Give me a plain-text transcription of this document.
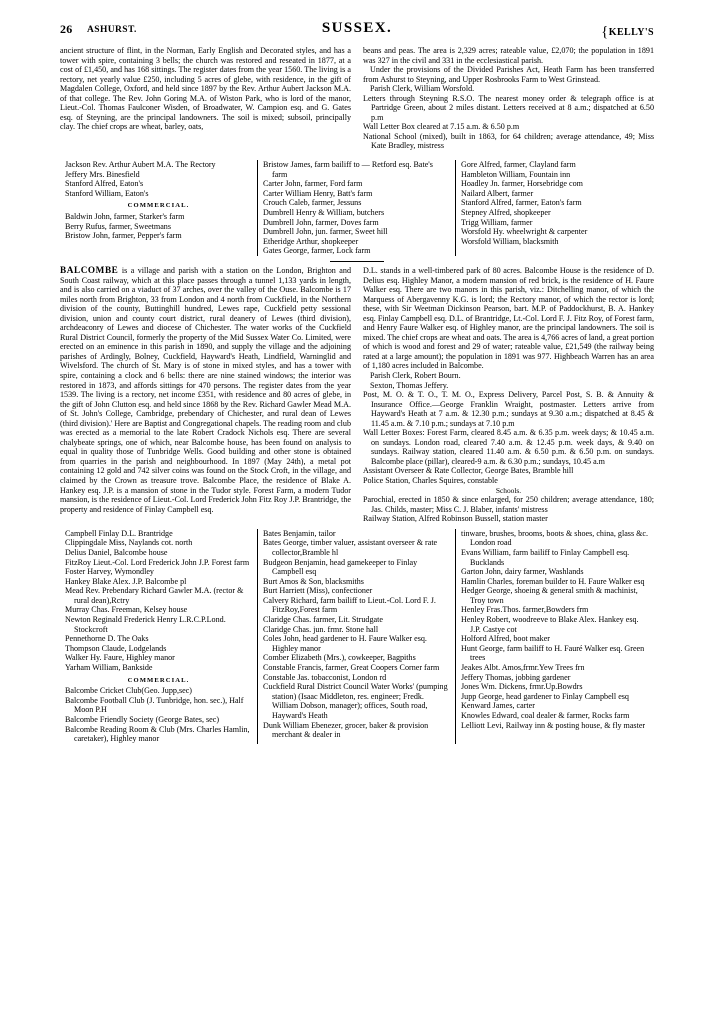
26 ASHURST.	SUSSEX.	{KELLY'S

ancient structure of flint, in the Norman, Early English and Decorated styles, and has a tower with spire, containing 3 bells; the church was restored and reseated in 1877, at a cost of £1,450, and has 168 sittings. The register dates from the year 1560. The living is a rectory, net yearly value £250, including 5 acres of glebe, with residence, in the gift of Magdalen College, Oxford, and held since 1897 by the Rev. Arthur Aubert Jackson M.A. of that college. The Rev. John Goring M.A. of Wiston Park, who is lord of the manor, Lieut.-Col. Thomas Faulconer Wisden, of Broadwater, W. Campion esq. and G. Gates esq. of Steyning, are the principal landowners. The soil is mixed; subsoil, principally clay. The chief crops are wheat, barley, oats,

beans and peas. The area is 2,329 acres; rateable value, £2,070; the population in 1891 was 327 in the civil and 331 in the ecclesiastical parish.

Under the provisions of the Divided Parishes Act, Heath Farm has been transferred from Ashurst to Steyning, and Upper Rosbrooks Farm to West Grinstead.

Parish Clerk, William Worsfold.

Letters through Steyning R.S.O. The nearest money order & telegraph office is at Partridge Green, about 2 miles distant. Letters received at 8 a.m.; dispatched at 6.50 p.m

Wall Letter Box cleared at 7.15 a.m. & 6.50 p.m

National School (mixed), built in 1863, for 64 children; average attendance, 49; Miss Kate Bradley, mistress

Jackson Rev. Arthur Aubert M.A. The Rectory

Jeffery Mrs. Binesfield

Stanford Alfred, Eaton's

Stanford William, Eaton's

COMMERCIAL.

Baldwin John, farmer, Starker's farm

Berry Rufus, farmer, Sweetmans

Bristow John, farmer, Pepper's farm

Bristow James, farm bailiff to — Retford esq. Bate's farm

Carter John, farmer, Ford farm

Carter William Henry, Batt's farm

Crouch Caleb, farmer, Jessuns

Dumbrell Henry & William, butchers

Dumbrell John, farmer, Doves farm

Dumbrell John, jun. farmer, Sweet hill

Etheridge Arthur, shopkeeper

Gates George, farmer, Lock farm

Gore Alfred, farmer, Clayland farm

Hambleton William, Fountain inn

Hoadley Jn. farmer, Horsebridge com

Nailard Albert, farmer

Stanford Alfred, farmer, Eaton's farm

Stepney Alfred, shopkeeper

Trigg William, farmer

Worsfold Hy. wheelwright & carpenter

Worsfold William, blacksmith

BALCOMBE is a village and parish with a station on the London, Brighton and South Coast railway, which at this place passes through a tunnel 1,133 yards in length, and is also carried on a viaduct of 37 arches, over the valley of the Ouse. Balcombe is 17 miles north from Brighton, 33 from London and 4 north from Cuckfield, in the Northern division of the county, Buttinghill hundred, Lewes rape, Cuckfield petty sessional division, union and county court district, rural deanery of Lewes (third division), archdeaconry of Lewes and diocese of Chichester. The water works of the Cuckfield Rural District Council, formerly the property of the Mid Sussex Water Co. Limited, were erected on an eminence in this parish in 1890, and supply the village and the adjoining parishes of Ardingly, Bolney, Cuckfield, Hayward's Heath, Lindfield, Warninglid and Wivelsford. The church of St. Mary is of stone in mixed styles, and has a tower with spire, containing a clock and 6 bells: there are nine stained windows; the interior was restored in 1873, and affords sittings for 470 persons. The register dates from the year 1539. The living is a rectory, net income £351, with residence and 80 acres of glebe, in the gift of John Clutton esq. and held since 1868 by the Rev. Richard Gawler Mead M.A. of St. John's College, Cambridge, prebendary of Chichester, and rural dean of Lewes (third division).' Here are Baptist and Congregational chapels. The reading room and club was erected as a memorial to the late Robert Cradock Nichols esq. There are several chalybeate springs, one of which, near Balcombe house, has been found on analysis to equal in quality those of Tunbridge Wells. Good building and other stone is obtained from quarries in the parish and neighbourhood. In 1897 (May 24th), a metal pot containing 12 gold and 742 silver coins was found on the Stock Croft, in the village, and claimed by the Crown as treasure trove. Balcombe Place, the residence of Blake A. Hankey esq. J.P. is a mansion of stone in the Tudor style. Forest Farm, a modern Tudor mansion, is the residence of Lieut.-Col. Lord Frederick John Fitz Roy J.P. Brantridge, the property and residence of Finlay Campbell esq.

D.L. stands in a well-timbered park of 80 acres. Balcombe House is the residence of D. Delius esq. Highley Manor, a modern mansion of red brick, is the residence of H. Faure Walker esq. There are two manors in this parish, viz.: Ditchelling manor, of which the Marquess of Abergavenny K.G. is lord; the Rectory manor, of which the rector is lord; these, with Sir Weetman Dickinson Pearson, bart. M.P. of Paddockhurst, B. A. Hankey esq. Finlay Campbell esq. D.L. of Brantridge, Lt.-Col. Lord F. J. Fitz Roy, of Forest farm, and Henry Faure Walker esq. of Highley manor, are the principal landowners. The soil is mixed. The chief crops are wheat and oats. The area is 4,766 acres of land, a great portion of which is wood and forest and 29 of water; rateable value, £21,549 (the railway being rated at a large amount); the population in 1891 was 977. Highbeach Warren has an area of 1,180 acres included in Balcombe.

Parish Clerk, Robert Bourn.

Sexton, Thomas Jeffery.

Post, M. O. & T. O., T. M. O., Express Delivery, Parcel Post, S. B. & Annuity & Insurance Office.—George Franklin Wraight, postmaster. Letters arrive from Hayward's Heath at 7 a.m. & 12.30 p.m.; sundays at 9.30 a.m.; dispatched at 8.45 & 11.45 a.m. & 7.10 p.m.; sundays at 7.10 p.m

Wall Letter Boxes: Forest Farm, cleared 8.45 a.m. & 6.35 p.m. week days; & 10.45 a.m. on sundays. London road, cleared 7.40 a.m. & 12.45 p.m. week days, & 9.40 on sundays. Railway station, cleared 11.40 a.m. & 6.50 p.m. & 6.50 p.m. on sundays. Balcombe place (pillar), cleared-9 a.m. & 6.30 p.m.; sundays, 10.45 a.m

Assistant Overseer & Rate Collector, George Bates, Bramble hill

Police Station, Charles Squires, constable

Schools.

Parochial, erected in 1850 & since enlarged, for 250 children; average attendance, 180; Jas. Childs, master; Miss C. J. Blaber, infants' mistress

Railway Station, Alfred Robinson Bussell, station master

Campbell Finlay D.L. Brantridge

Clippingdale Miss, Naylands cot. north

Delius Daniel, Balcombe house

FitzRoy Lieut.-Col. Lord Frederick John J.P. Forest farm

Foster Harvey, Wymondley

Hankey Blake Alex. J.P. Balcombe pl

Mead Rev. Prebendary Richard Gawler M.A. (rector & rural dean),Rctry

Murray Chas. Freeman, Kelsey house

Newton Reginald Frederick Henry L.R.C.P.Lond. Stockcroft

Pennethorne D. The Oaks

Thompson Claude, Lodgelands

Walker Hy. Faure, Highley manor

Yarham William, Bankside

COMMERCIAL.

Balcombe Cricket Club(Geo. Jupp,sec)

Balcombe Football Club (J. Tunbridge, hon. sec.), Half Moon P.H

Balcombe Friendly Society (George Bates, sec)

Balcombe Reading Room & Club (Mrs. Charles Hamlin, caretaker), Highley manor

Bates Benjamin, tailor

Bates George, timber valuer, assistant overseer & rate collector,Bramble hl

Budgeon Benjamin, head gamekeeper to Finlay Campbell esq

Burt Amos & Son, blacksmiths

Burt Harriett (Miss), confectioner

Calvery Richard, farm bailiff to Lieut.-Col. Lord F. J. FitzRoy,Forest farm

Claridge Chas. farmer, Lit. Strudgate

Claridge Chas. jun. frmr. Stone hall

Coles John, head gardener to H. Faure Walker esq. Highley manor

Comber Elizabeth (Mrs.), cowkeeper, Bagpiths

Constable Francis, farmer, Great Coopers Corner farm

Constable Jas. tobacconist, London rd

Cuckfield Rural District Council Water Works' (pumping station) (Isaac Middleton, res. engineer; Fredk. William Dobson, manager); offices, South road, Hayward's Heath

Dunk William Ebenezer, grocer, baker & provision merchant & dealer in

tinware, brushes, brooms, boots & shoes, china, glass &c. London road

Evans William, farm bailiff to Finlay Campbell esq. Bucklands

Garton John, dairy farmer, Washlands

Hamlin Charles, foreman builder to H. Faure Walker esq

Hedger George, shoeing & general smith & machinist, Troy town

Henley Fras.Thos. farmer,Bowders frm

Henley Robert, woodreeve to Blake Alex. Hankey esq. J.P. Castye cot

Holford Alfred, boot maker

Hunt George, farm bailiff to H. Fauré Walker esq. Green trees

Jeakes Albt. Amos,frmr.Yew Trees frn

Jeffery Thomas, jobbing gardener

Jones Wm. Dickens, frmr.Up.Bowdrs

Jupp George, head gardener to Finlay Campbell esq

Kenward James, carter

Knowles Edward, coal dealer & farmer, Rocks farm

Lelliott Levi, Railway inn & posting house, & fly master
